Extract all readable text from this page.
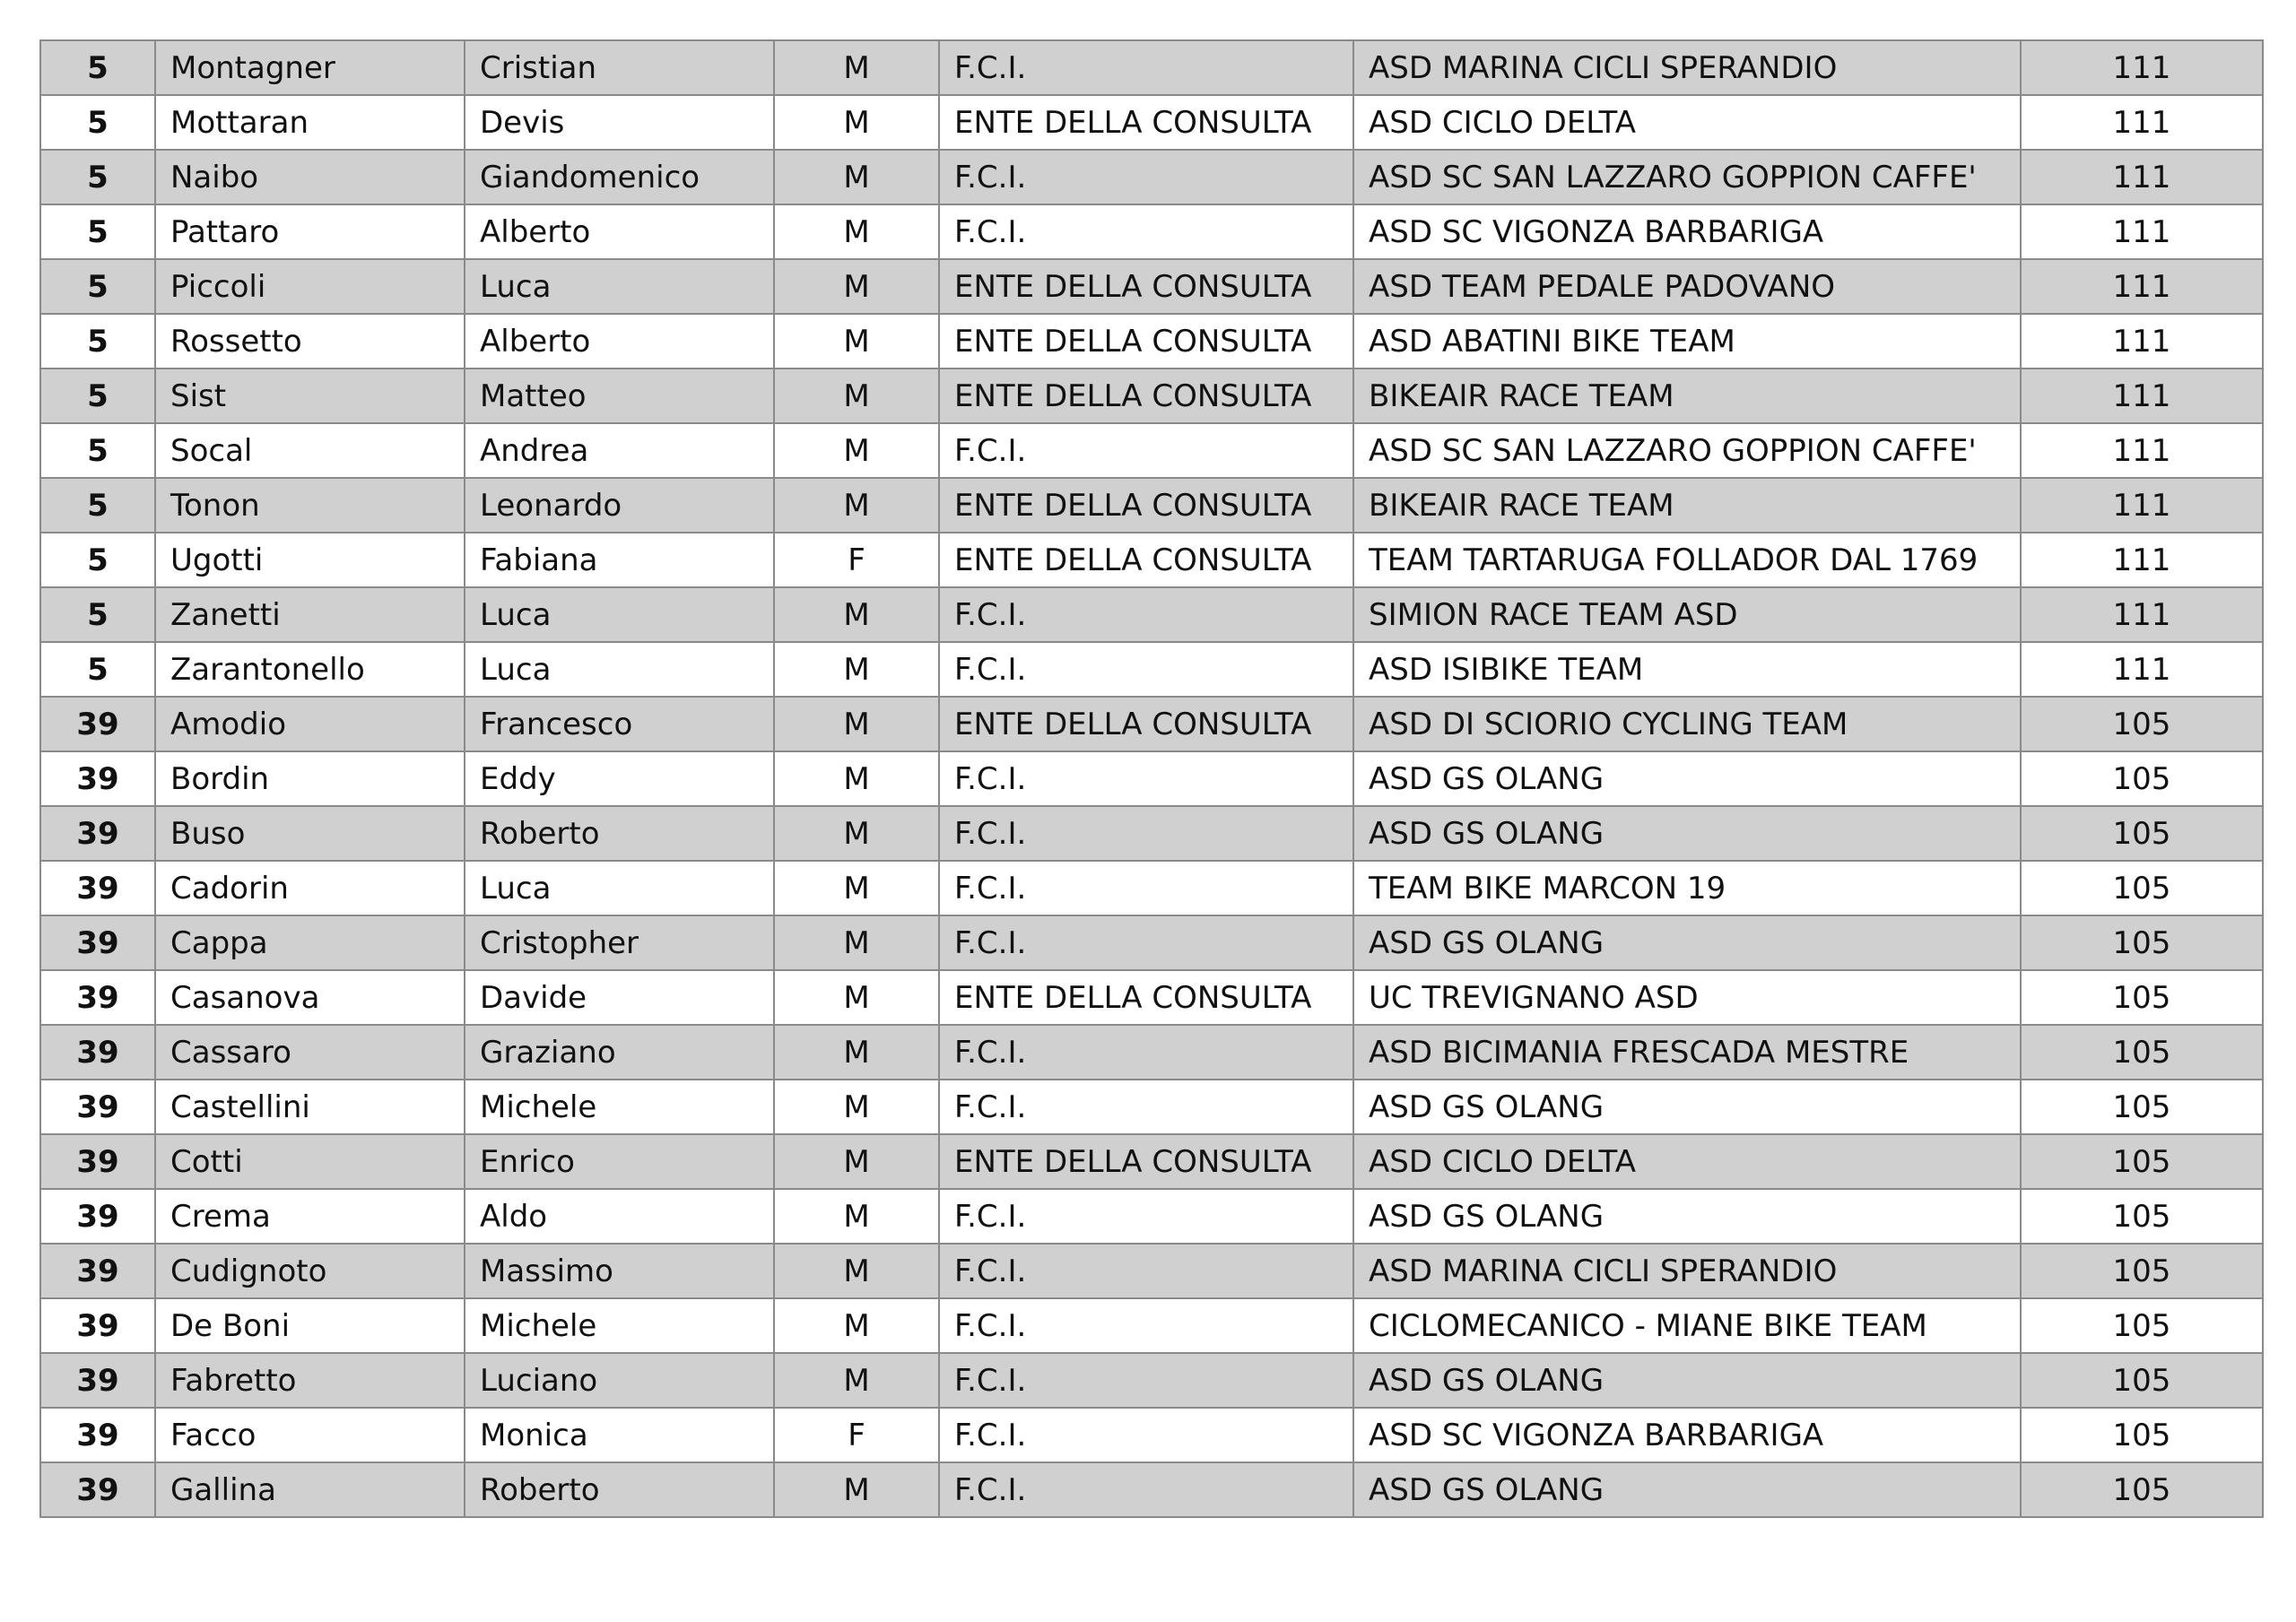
5	Montagner	Cristian	M	F.C.I.	ASD MARINA CICLI SPERANDIO	111
5	Mottaran	Devis	M	ENTE DELLA CONSULTA	ASD CICLO DELTA	111
5	Naibo	Giandomenico	M	F.C.I.	ASD SC SAN LAZZARO GOPPION CAFFE'	111
5	Pattaro	Alberto	M	F.C.I.	ASD SC VIGONZA BARBARIGA	111
5	Piccoli	Luca	M	ENTE DELLA CONSULTA	ASD TEAM PEDALE PADOVANO	111
5	Rossetto	Alberto	M	ENTE DELLA CONSULTA	ASD ABATINI BIKE TEAM	111
5	Sist	Matteo	M	ENTE DELLA CONSULTA	BIKEAIR RACE TEAM	111
5	Socal	Andrea	M	F.C.I.	ASD SC SAN LAZZARO GOPPION CAFFE'	111
5	Tonon	Leonardo	M	ENTE DELLA CONSULTA	BIKEAIR RACE TEAM	111
5	Ugotti	Fabiana	F	ENTE DELLA CONSULTA	TEAM TARTARUGA FOLLADOR DAL 1769	111
5	Zanetti	Luca	M	F.C.I.	SIMION RACE TEAM ASD	111
5	Zarantonello	Luca	M	F.C.I.	ASD ISIBIKE TEAM	111
39	Amodio	Francesco	M	ENTE DELLA CONSULTA	ASD DI SCIORIO CYCLING TEAM	105
39	Bordin	Eddy	M	F.C.I.	ASD GS OLANG	105
39	Buso	Roberto	M	F.C.I.	ASD GS OLANG	105
39	Cadorin	Luca	M	F.C.I.	TEAM BIKE MARCON 19	105
39	Cappa	Cristopher	M	F.C.I.	ASD GS OLANG	105
39	Casanova	Davide	M	ENTE DELLA CONSULTA	UC TREVIGNANO ASD	105
39	Cassaro	Graziano	M	F.C.I.	ASD BICIMANIA FRESCADA MESTRE	105
39	Castellini	Michele	M	F.C.I.	ASD GS OLANG	105
39	Cotti	Enrico	M	ENTE DELLA CONSULTA	ASD CICLO DELTA	105
39	Crema	Aldo	M	F.C.I.	ASD GS OLANG	105
39	Cudignoto	Massimo	M	F.C.I.	ASD MARINA CICLI SPERANDIO	105
39	De Boni	Michele	M	F.C.I.	CICLOMECANICO - MIANE BIKE TEAM	105
39	Fabretto	Luciano	M	F.C.I.	ASD GS OLANG	105
39	Facco	Monica	F	F.C.I.	ASD SC VIGONZA BARBARIGA	105
39	Gallina	Roberto	M	F.C.I.	ASD GS OLANG	105
